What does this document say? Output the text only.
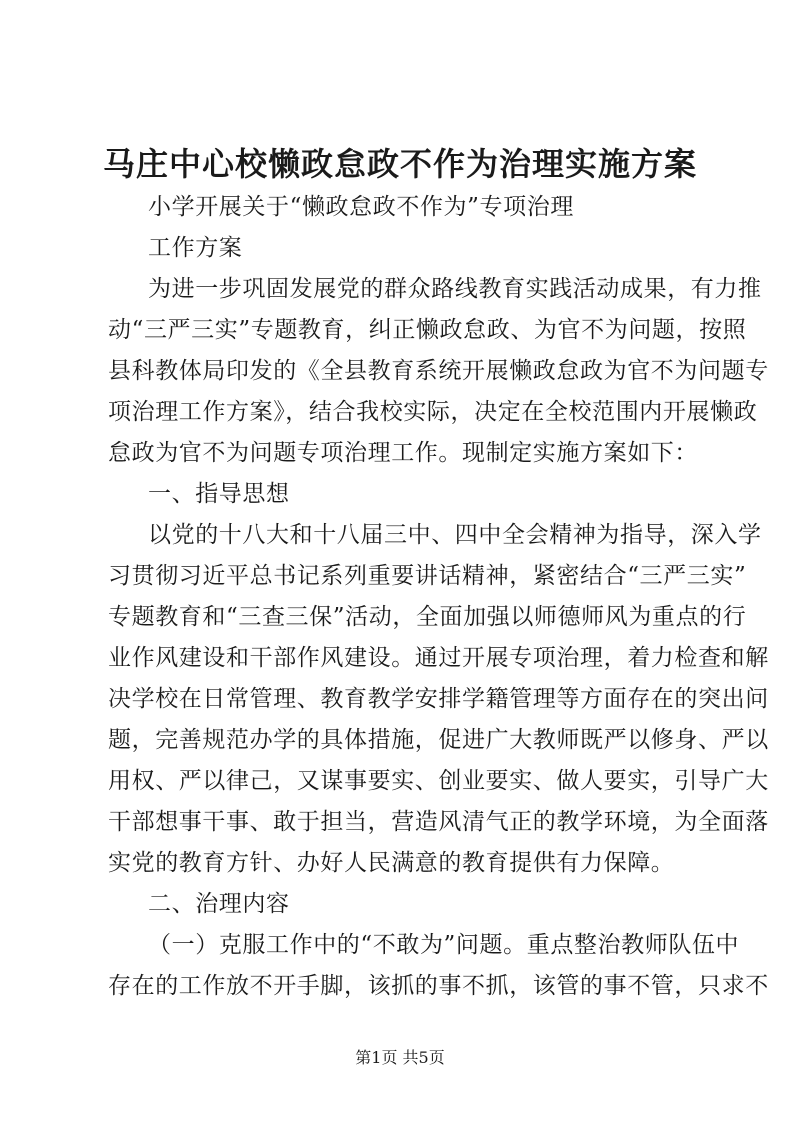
马庄中心校懒政怠政不作为治理实施方案
小学开展关于“懒政怠政不作为”专项治理
工作方案
为进一步巩固发展党的群众路线教育实践活动成果，有力推
动“三严三实”专题教育，纠正懒政怠政、为官不为问题，按照
县科教体局印发的《全县教育系统开展懒政怠政为官不为问题专
项治理工作方案》，结合我校实际，决定在全校范围内开展懒政
怠政为官不为问题专项治理工作。现制定实施方案如下：
一、指导思想
以党的十八大和十八届三中、四中全会精神为指导，深入学
习贯彻习近平总书记系列重要讲话精神，紧密结合“三严三实”
专题教育和“三查三保”活动，全面加强以师德师风为重点的行
业作风建设和干部作风建设。通过开展专项治理，着力检查和解
决学校在日常管理、教育教学安排学籍管理等方面存在的突出问
题，完善规范办学的具体措施，促进广大教师既严以修身、严以
用权、严以律己，又谋事要实、创业要实、做人要实，引导广大
干部想事干事、敢于担当，营造风清气正的教学环境，为全面落
实党的教育方针、办好人民满意的教育提供有力保障。
二、治理内容
（一）克服工作中的“不敢为”问题。重点整治教师队伍中
存在的工作放不开手脚，该抓的事不抓，该管的事不管，只求不
第1页 共5页
